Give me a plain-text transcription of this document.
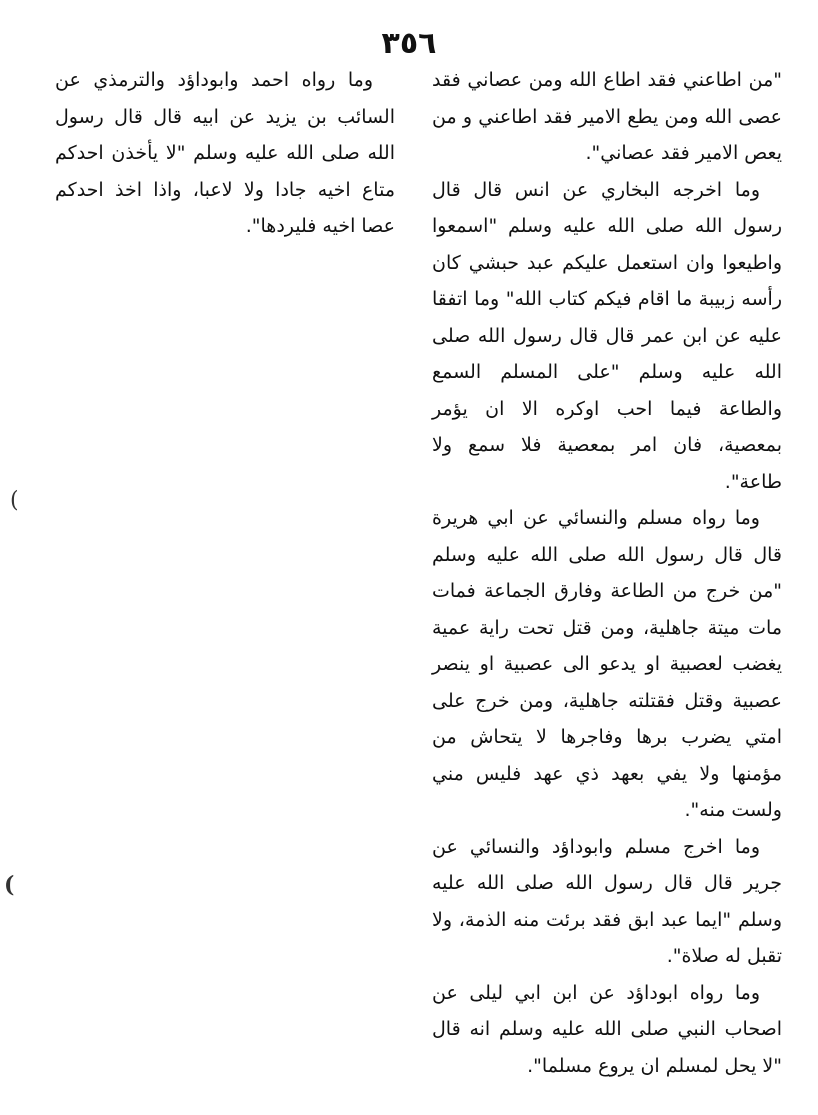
٣٥٦

"من اطاعني فقد اطاع الله ومن عصاني فقد عصى الله ومن يطع الامير فقد اطاعني و من يعص الامير فقد عصاني".

وما اخرجه البخاري عن انس قال قال رسول الله صلى الله عليه وسلم "اسمعوا واطيعوا وان استعمل عليكم عبد حبشي كان رأسه زبيبة ما اقام فيكم كتاب الله" وما اتفقا عليه عن ابن عمر قال قال رسول الله صلى الله عليه وسلم "على المسلم السمع والطاعة فيما احب اوكره الا ان يؤمر بمعصية، فان امر بمعصية فلا سمع ولا طاعة".

وما رواه مسلم والنسائي عن ابي هريرة قال قال رسول الله صلى الله عليه وسلم "من خرج من الطاعة وفارق الجماعة فمات مات ميتة جاهلية، ومن قتل تحت راية عمية يغضب لعصبية او يدعو الى عصبية او ينصر عصبية وقتل فقتلته جاهلية، ومن خرج على امتي يضرب برها وفاجرها لا يتحاش من مؤمنها ولا يفي بعهد ذي عهد فليس مني ولست منه".

وما اخرج مسلم وابوداؤد والنسائي عن جرير قال قال رسول الله صلى الله عليه وسلم "ايما عبد ابق فقد برئت منه الذمة، ولا تقبل له صلاة".

وما رواه ابوداؤد عن ابن ابي ليلى عن اصحاب النبي صلى الله عليه وسلم انه قال "لا يحل لمسلم ان يروع مسلما".

وما رواه احمد وابوداؤد والترمذي عن السائب بن يزيد عن ابيه قال قال رسول الله صلى الله عليه وسلم "لا يأخذن احدكم متاع اخيه جادا ولا لاعبا، واذا اخذ احدكم عصا اخيه فليردها".

(
(
